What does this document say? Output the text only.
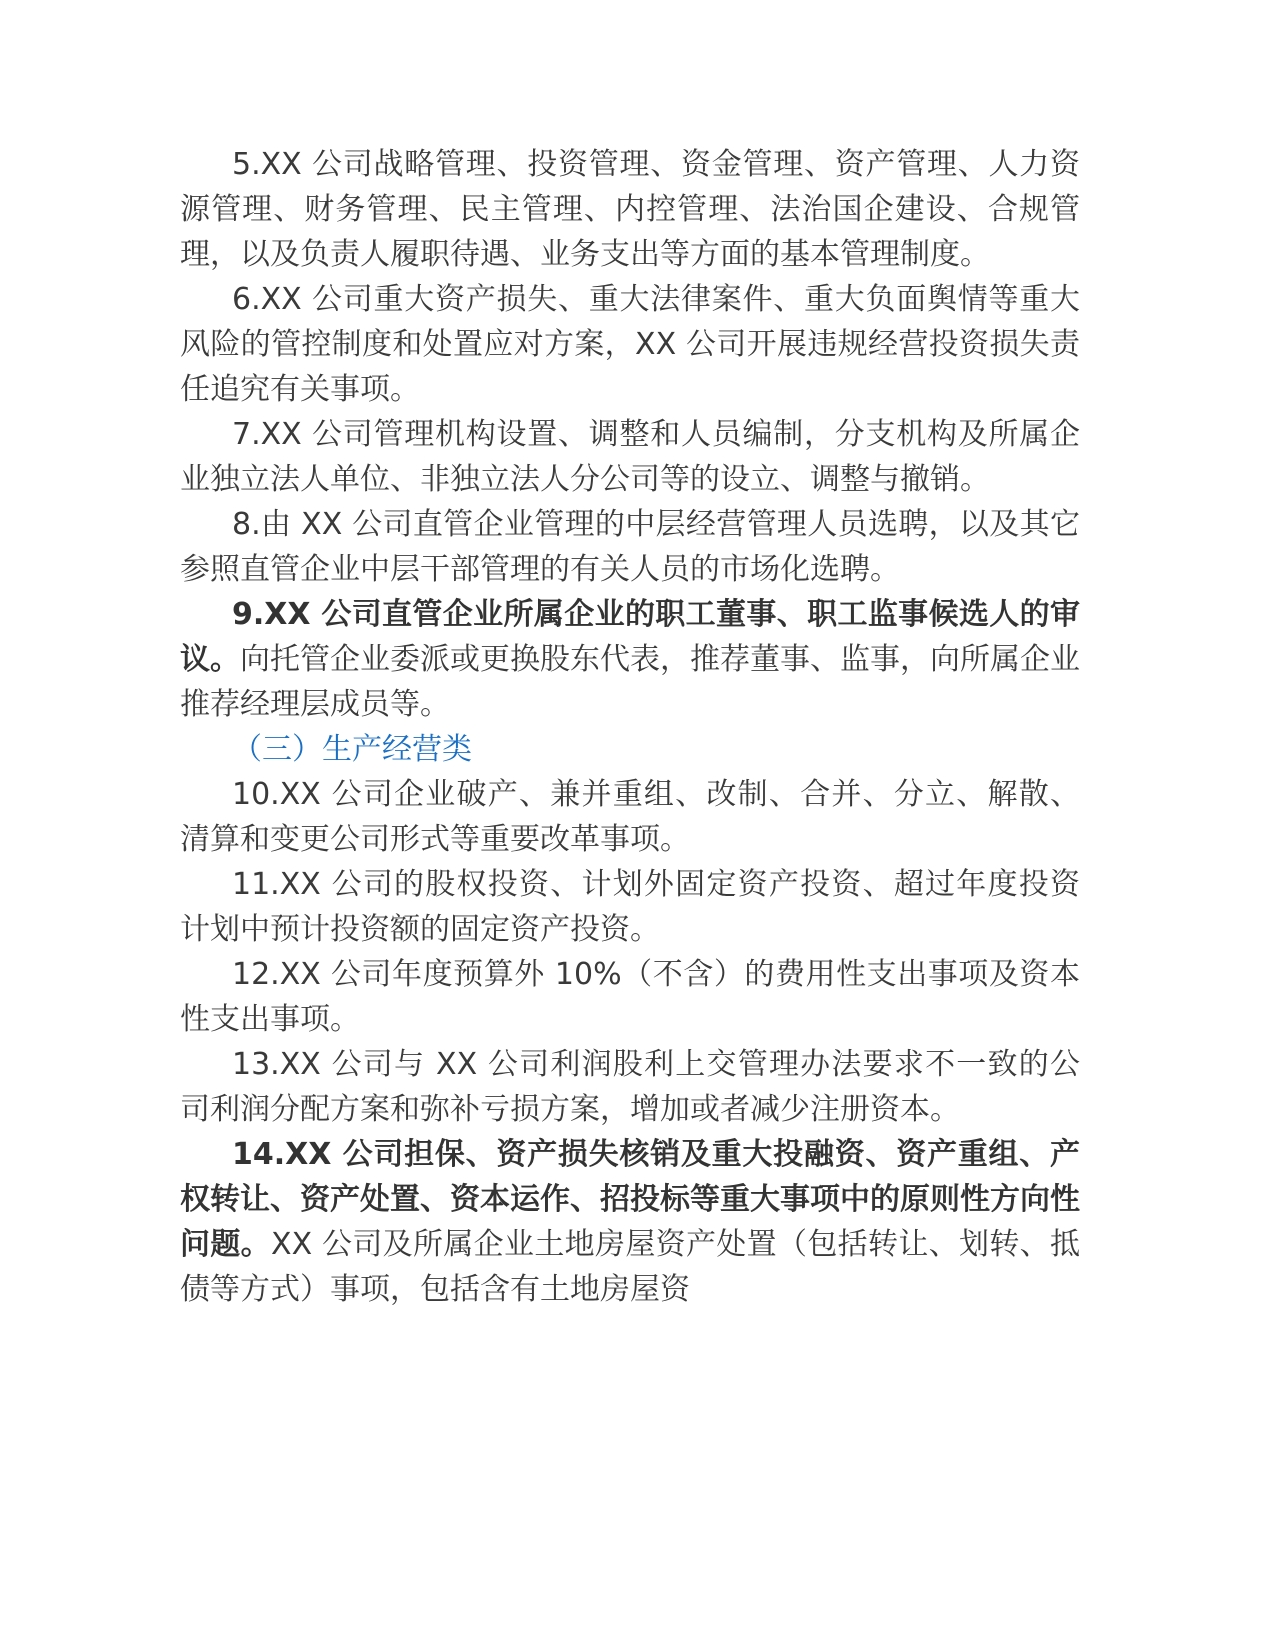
5.XX 公司战略管理、投资管理、资金管理、资产管理、人力资源管理、财务管理、民主管理、内控管理、法治国企建设、合规管理，以及负责人履职待遇、业务支出等方面的基本管理制度。

6.XX 公司重大资产损失、重大法律案件、重大负面舆情等重大风险的管控制度和处置应对方案，XX 公司开展违规经营投资损失责任追究有关事项。

7.XX 公司管理机构设置、调整和人员编制，分支机构及所属企业独立法人单位、非独立法人分公司等的设立、调整与撤销。

8.由 XX 公司直管企业管理的中层经营管理人员选聘，以及其它参照直管企业中层干部管理的有关人员的市场化选聘。

9.XX 公司直管企业所属企业的职工董事、职工监事候选人的审议。向托管企业委派或更换股东代表，推荐董事、监事，向所属企业推荐经理层成员等。

（三）生产经营类

10.XX 公司企业破产、兼并重组、改制、合并、分立、解散、清算和变更公司形式等重要改革事项。

11.XX 公司的股权投资、计划外固定资产投资、超过年度投资计划中预计投资额的固定资产投资。

12.XX 公司年度预算外 10%（不含）的费用性支出事项及资本性支出事项。

13.XX 公司与 XX 公司利润股利上交管理办法要求不一致的公司利润分配方案和弥补亏损方案，增加或者减少注册资本。

14.XX 公司担保、资产损失核销及重大投融资、资产重组、产权转让、资产处置、资本运作、招投标等重大事项中的原则性方向性问题。XX 公司及所属企业土地房屋资产处置（包括转让、划转、抵债等方式）事项，包括含有土地房屋资
